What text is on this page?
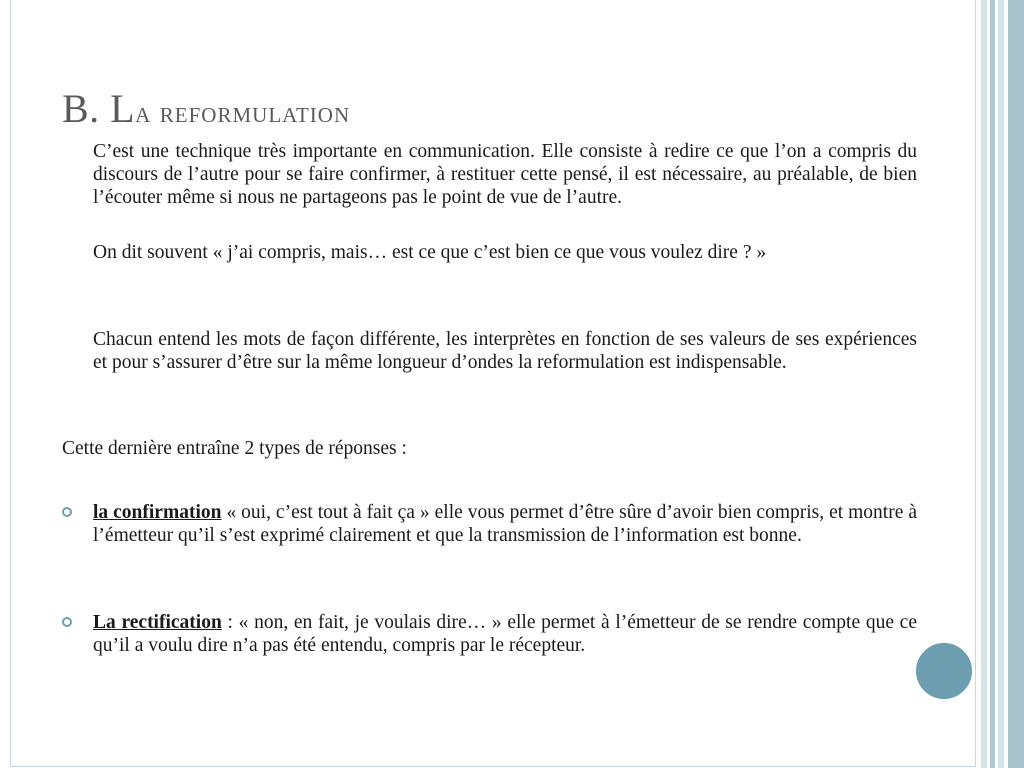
B. La reformulation

C’est une technique très importante en communication. Elle consiste à redire ce que l’on a compris du discours de l’autre pour se faire confirmer, à restituer cette pensé, il est nécessaire, au préalable, de bien l’écouter même si nous ne partageons pas le point de vue de l’autre.

On dit souvent « j’ai compris, mais… est ce que c’est bien ce que vous voulez dire ? »

Chacun entend les mots de façon différente, les interprètes en fonction de ses valeurs de ses expériences et pour s’assurer d’être sur la même longueur d’ondes la reformulation est indispensable.

Cette dernière entraîne 2 types de réponses :

la confirmation « oui, c’est tout à fait ça » elle vous permet d’être sûre d’avoir bien compris, et montre à l’émetteur qu’il s’est exprimé clairement et que la transmission de l’information est bonne.

La rectification : « non, en fait, je voulais dire… » elle permet à l’émetteur de se rendre compte que ce qu’il a voulu dire n’a pas été entendu, compris par le récepteur.
